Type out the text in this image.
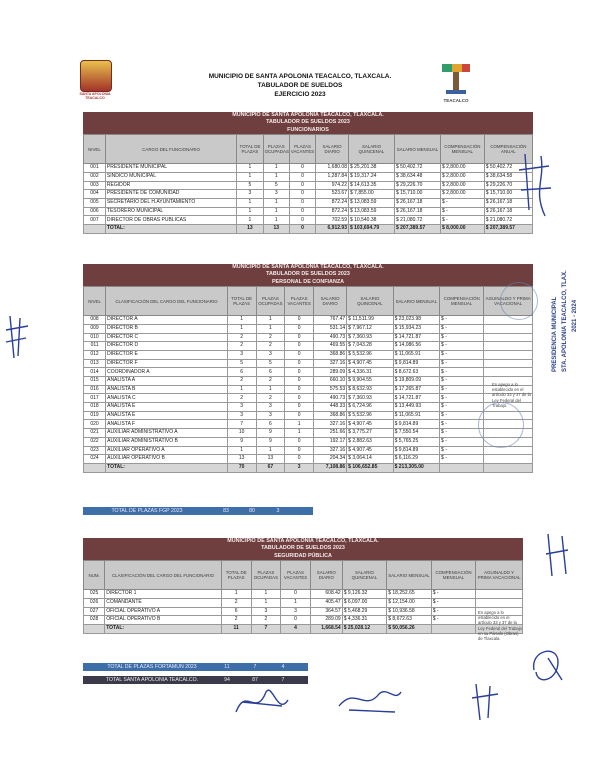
SANTA APOLONIA TEACALCO
MUNICIPIO DE SANTA APOLONIA TEACALCO, TLAXCALA.
TABULADOR DE SUELDOS
EJERCICIO 2023
TEACALCO
MUNICIPIO DE SANTA APOLONIA TEACALCO, TLAXCALA.
TABULADOR DE SUELDOS 2023
FUNCIONARIOS
NIVEL	CARGO DEL FUNCIONARIO	TOTAL DE PLAZAS	PLAZAS OCUPADAS	PLAZAS VACANTES	SALARIO DIARIO	SALARIO QUINCENAL	SALARIO MENSUAL	COMPENSACIÓN MENSUAL	COMPENSACIÓN ANUAL
001	PRESIDENTE MUNICIPAL	1	1	0	1,680.08	$ 25,201.38	$ 50,402.72	$ 2,800.00	$ 50,402.72
002	SÍNDICO MUNICIPAL	1	1	0	1,287.84	$ 19,317.24	$ 38,634.48	$ 2,800.00	$ 38,634.58
003	REGIDOR	5	5	0	974.22	$ 14,613.35	$ 29,226.70	$ 2,800.00	$ 29,226.70
004	PRESIDENTE DE COMUNIDAD	3	3	0	523.67	$ 7,855.00	$ 15,710.00	$ 2,800.00	$ 15,710.00
005	SECRETARIO DEL H.AYUNTAMIENTO	1	1	0	872.24	$ 13,083.59	$ 26,167.18	$ -	$ 26,167.18
006	TESORERO MUNICIPAL	1	1	0	872.24	$ 13,083.59	$ 26,167.18	$ -	$ 26,167.18
007	DIRECTOR DE OBRAS PUBLICAS	1	1	0	702.59	$ 10,540.38	$ 21,080.72	$ -	$ 21,080.72
	TOTAL:	13	13	0	6,912.93	$ 103,694.79	$ 207,389.57	$ 8,000.00	$ 207,389.57
MUNICIPIO DE SANTA APOLONIA TEACALCO, TLAXCALA.
TABULADOR DE SUELDOS 2023
PERSONAL DE CONFIANZA
NIVEL	CLASIFICACIÓN DEL CARGO DEL FUNCIONARIO	TOTAL DE PLAZAS	PLAZAS OCUPADAS	PLAZAS VACANTES	SALARIO DIARIO	SALARIO QUINCENAL	SALARIO MENSUAL	COMPENSACIÓN MENSUAL	AGUINALDO Y PRIMA VACACIONAL
008	DIRECTOR A	1	1	0	767.47	$ 11,511.99	$ 23,023.98	$ -	
009	DIRECTOR B	1	1	0	531.14	$ 7,967.12	$ 15,934.23	$ -	
010	DIRECTOR C	2	2	0	490.73	$ 7,360.93	$ 14,721.87	$ -	
011	DIRECTOR D	2	2	0	469.55	$ 7,043.28	$ 14,086.56	$ -	
012	DIRECTOR E	3	3	0	368.86	$ 5,532.96	$ 11,065.91	$ -	
013	DIRECTOR F	5	5	0	327.16	$ 4,907.45	$ 9,814.89	$ -	
014	COORDINADOR A	6	6	0	289.09	$ 4,336.31	$ 8,672.63	$ -	
015	ANALISTA A	2	2	0	660.10	$ 9,904.55	$ 19,809.09	$ -	
016	ANALISTA B	1	1	0	575.53	$ 8,632.93	$ 17,265.87	$ -	
017	ANALISTA C	2	2	0	490.73	$ 7,360.93	$ 14,721.87	$ -	
018	ANALISTA E	3	3	0	448.33	$ 6,724.96	$ 13,449.93	$ -	
019	ANALISTA E	3	3	0	368.86	$ 5,532.96	$ 11,065.91	$ -	
020	ANALISTA F	7	6	1	327.16	$ 4,907.45	$ 9,814.89	$ -	
021	AUXILIAR ADMINISTRATIVO A	10	9	1	251.66	$ 3,775.27	$ 7,550.54	$ -	
022	AUXILIAR ADMINISTRATIVO B	9	9	0	192.17	$ 2,882.63	$ 5,765.25	$ -	
023	AUXILIAR OPERATIVO A	1	1	0	327.16	$ 4,907.45	$ 9,814.89	$ -	
024	AUXILIAR OPERATIVO B	13	13	0	204.34	$ 3,064.14	$ 6,116.29	$ -	
	TOTAL:	70	67	3	7,108.86	$ 106,652.85	$ 213,305.00		
En apego a lo establecido en el artículo 33 y 37 de la Ley Federal del Trabajo.
TOTAL DE PLAZAS FGP 2023	83	80	3
MUNICIPIO DE SANTA APOLONIA TEACALCO, TLAXCALA.
TABULADOR DE SUELDOS 2023
SEGURIDAD PÚBLICA
NUM.	CLASIFICACIÓN DEL CARGO DEL FUNCIONARIO	TOTAL DE PLAZAS	PLAZAS OCUPADAS	PLAZAS VACANTES	SALARIO DIARIO	SALARIO QUINCENAL	SALARIO MENSUAL	COMPENSACIÓN MENSUAL	AGUINALDO Y PRIMA VACACIONAL
025	DIRECTOR 1	1	1	0	608.42	$ 9,126.32	$ 18,252.65	$ -	
026	COMANDANTE	2	1	1	405.47	$ 6,097.00	$ 12,154.00	$ -	
027	OFICIAL OPERATIVO A	6	3	3	364.57	$ 5,468.29	$ 10,936.58	$ -	
028	OFICIAL OPERATIVO B	2	2	0	289.09	$ 4,336.31	$ 8,672.63	$ -	
	TOTAL:	11	7	4	1,668.54	$ 25,028.12	$ 50,056.26		
En apego a lo establecido en el artículo 33 y 37 de la Ley Federal del Trabajo en su Párrafo (Obras) de Tlaxcala.
TOTAL DE PLAZAS FORTAMUN 2023	11	7	4
TOTAL SANTA APOLONIA TEACALCO.	94	87	7
PRESIDENCIA MUNICIPAL STA. APOLONIA TEACALCO, TLAX. 2021 - 2024
